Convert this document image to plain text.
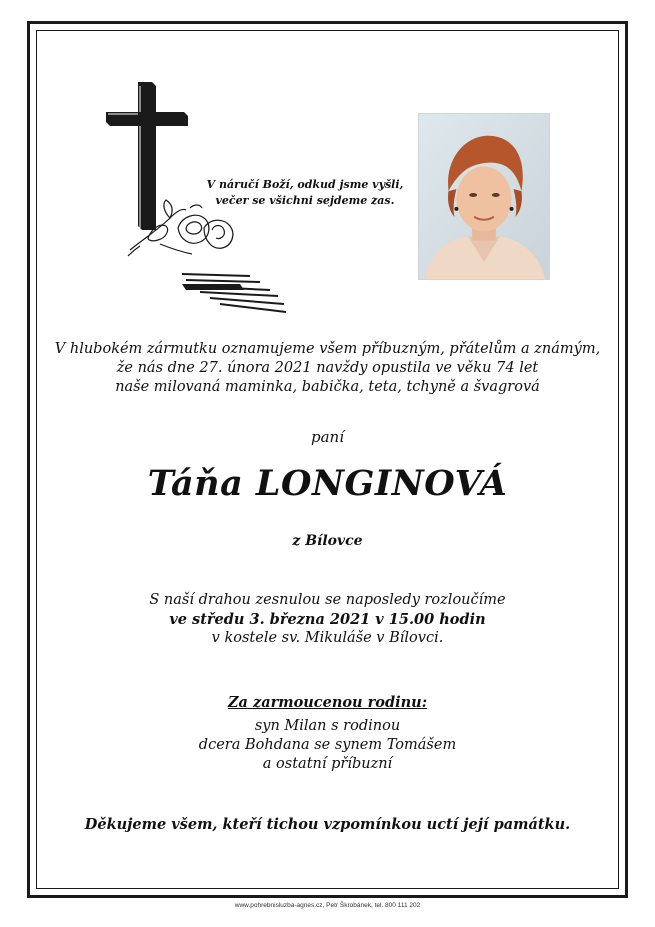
V náručí Boží, odkud jsme vyšli,
večer se všichni sejdeme zas.
V hlubokém zármutku oznamujeme všem příbuzným, přátelům a známým,
že nás dne 27. února 2021 navždy opustila ve věku 74 let
naše milovaná maminka, babička, teta, tchyně a švagrová
paní
Táňa LONGINOVÁ
z Bílovce
S naší drahou zesnulou se naposledy rozloučíme
ve středu 3. března 2021 v 15.00 hodin
v kostele sv. Mikuláše v Bílovci.
Za zarmoucenou rodinu:
syn Milan s rodinou
dcera Bohdana se synem Tomášem
a ostatní příbuzní
Děkujeme všem, kteří tichou vzpomínkou uctí její památku.
www.pohrebnisluzba-agnes.cz, Petr Škrobánek, tel. 800 111 202
